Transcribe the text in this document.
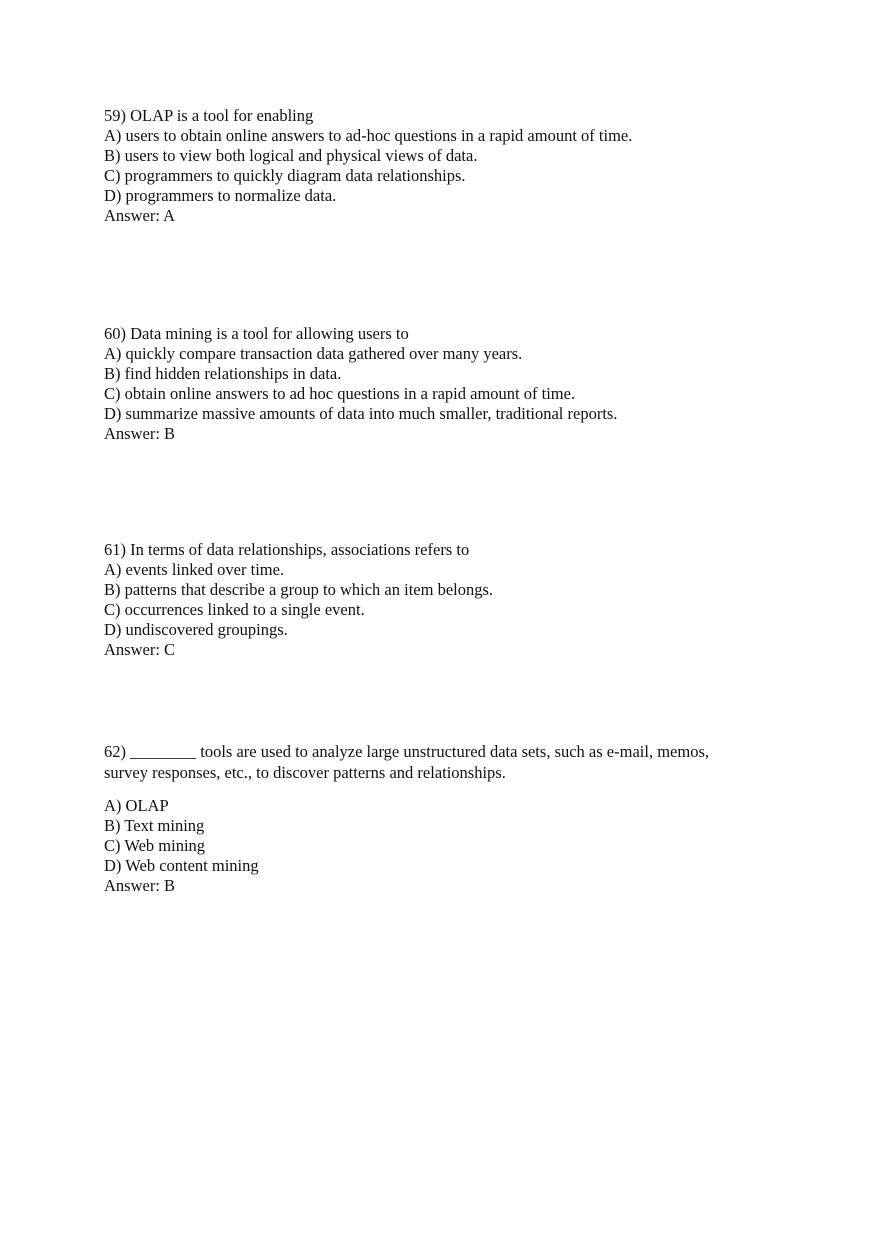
59) OLAP is a tool for enabling
A) users to obtain online answers to ad-hoc questions in a rapid amount of time.
B) users to view both logical and physical views of data.
C) programmers to quickly diagram data relationships.
D) programmers to normalize data.
Answer: A
60) Data mining is a tool for allowing users to
A) quickly compare transaction data gathered over many years.
B) find hidden relationships in data.
C) obtain online answers to ad hoc questions in a rapid amount of time.
D) summarize massive amounts of data into much smaller, traditional reports.
Answer: B
61) In terms of data relationships, associations refers to
A) events linked over time.
B) patterns that describe a group to which an item belongs.
C) occurrences linked to a single event.
D) undiscovered groupings.
Answer: C
62) ________ tools are used to analyze large unstructured data sets, such as e-mail, memos, survey responses, etc., to discover patterns and relationships.
A) OLAP
B) Text mining
C) Web mining
D) Web content mining
Answer: B
